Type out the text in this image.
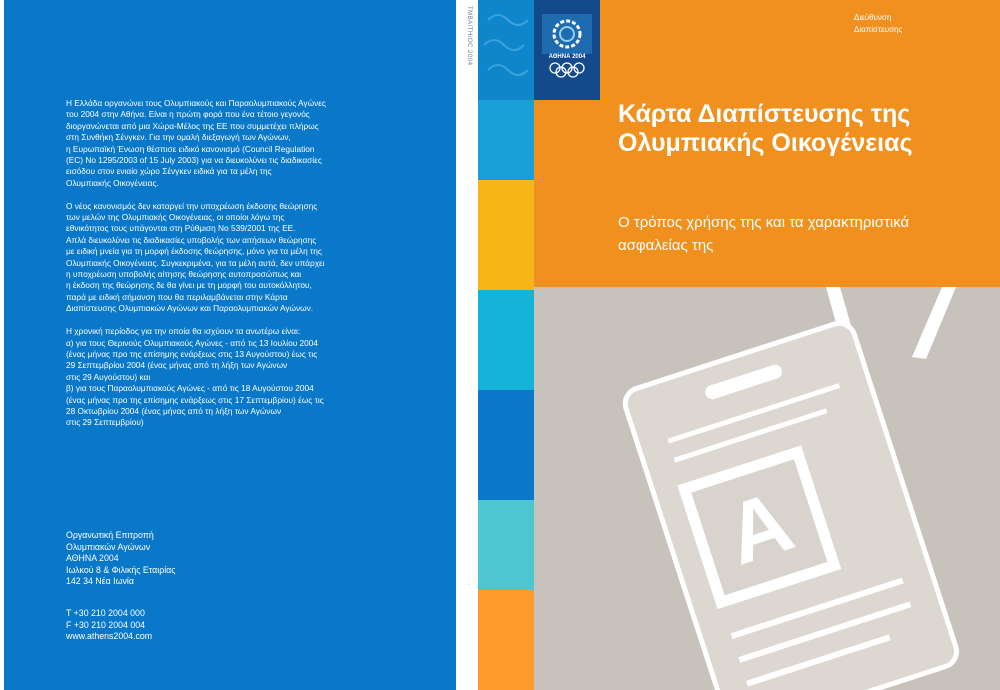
Η Ελλάδα οργανώνει τους Ολυμπιακούς και Παραολυμπιακούς Αγώνες
του 2004 στην Αθήνα. Είναι η πρώτη φορά που ένα τέτοιο γεγονός
διοργανώνεται από μια Χώρα-Μέλος της ΕΕ που συμμετέχει πλήρως
στη Συνθήκη Σένγκεν. Για την ομαλή διεξαγωγή των Αγώνων,
η Ευρωπαϊκή Ένωση θέσπισε ειδικό κανονισμό (Council Regulation
(EC) No 1295/2003 of 15 July 2003) για να διευκολύνει τις διαδικασίες
εισόδου στον ενιαίο χώρο Σένγκεν ειδικά για τα μέλη της
Ολυμπιακής Οικογένειας.

Ο νέος κανονισμός δεν καταργεί την υποχρέωση έκδοσης θεώρησης
των μελών της Ολυμπιακής Οικογένειας, οι οποίοι λόγω της
εθνικότητος τους υπάγονται στη Ρύθμιση No 539/2001 της ΕΕ.
Απλά διευκολύνει τις διαδικασίες υποβολής των αιτήσεων θεώρησης
με ειδική μνεία για τη μορφή έκδοσης θεώρησης, μόνο για τα μέλη της
Ολυμπιακής Οικογένειας. Συγκεκριμένα, για τα μέλη αυτά, δεν υπάρχει
η υποχρέωση υποβολής αίτησης θεώρησης αυτοπροσώπως και
η έκδοση της θεώρησης δε θα γίνει με τη μορφή του αυτοκόλλητου,
παρά με ειδική σήμανση που θα περιλαμβάνεται στην Κάρτα
Διαπίστευσης Ολυμπιακών Αγώνων και Παραολυμπιακών Αγώνων.

Η χρονική περίοδος για την οποία θα ισχύουν τα ανωτέρω είναι:
α) για τους Θερινούς Ολυμπιακούς Αγώνες - από τις 13 Ιουλίου 2004
(ένας μήνας προ της επίσημης ενάρξεως στις 13 Αυγούστου) έως τις
29 Σεπτεμβρίου 2004 (ένας μήνας από τη λήξη των Αγώνων
στις 29 Αυγούστου) και
β) για τους Παραολυμπιακούς Αγώνες - από τις 18 Αυγούστου 2004
(ένας μήνας προ της επίσημης ενάρξεως στις 17 Σεπτεμβρίου) έως τις
28 Οκτωβρίου 2004 (ένας μήνας από τη λήξη των Αγώνων
στις 29 Σεπτεμβρίου)

Οργανωτική Επιτροπή
Ολυμπιακών Αγώνων
ΑΘΗΝΑ 2004
Ιωλκού 8 & Φιλικής Εταιρίας
142 34 Νέα Ιωνία
T +30 210 2004 000
F +30 210 2004 004
www.athens2004.com
ΤΜΒΑ/ΤΗ/ΟC 2004	ΑΘΗΝΑ 2004
Διεύθυνση
Διαπίστευσης
Κάρτα Διαπίστευσης της Ολυμπιακής Οικογένειας
Ο τρόπος χρήσης της και τα χαρακτηριστικά ασφαλείας της
A
